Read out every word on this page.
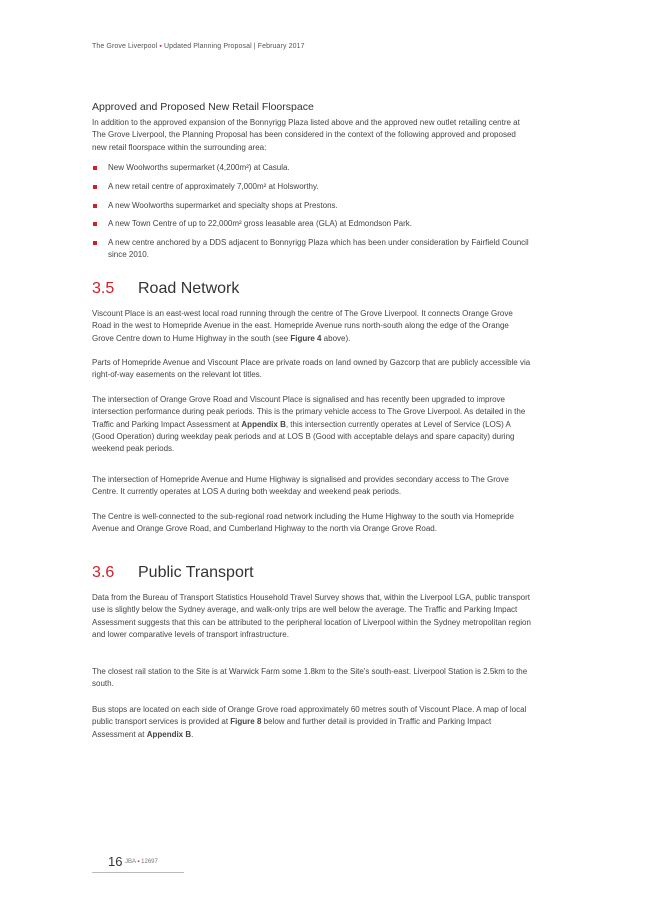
The Grove Liverpool ▪ Updated Planning Proposal | February 2017
Approved and Proposed New Retail Floorspace

In addition to the approved expansion of the Bonnyrigg Plaza listed above and the approved new outlet retailing centre at The Grove Liverpool, the Planning Proposal has been considered in the context of the following approved and proposed new retail floorspace within the surrounding area:

New Woolworths supermarket (4,200m²) at Casula.
A new retail centre of approximately 7,000m² at Holsworthy.
A new Woolworths supermarket and specialty shops at Prestons.
A new Town Centre of up to 22,000m² gross leasable area (GLA) at Edmondson Park.
A new centre anchored by a DDS adjacent to Bonnyrigg Plaza which has been under consideration by Fairfield Council since 2010.
3.5 Road Network

Viscount Place is an east-west local road running through the centre of The Grove Liverpool. It connects Orange Grove Road in the west to Homepride Avenue in the east. Homepride Avenue runs north-south along the edge of the Orange Grove Centre down to Hume Highway in the south (see Figure 4 above).

Parts of Homepride Avenue and Viscount Place are private roads on land owned by Gazcorp that are publicly accessible via right-of-way easements on the relevant lot titles.

The intersection of Orange Grove Road and Viscount Place is signalised and has recently been upgraded to improve intersection performance during peak periods. This is the primary vehicle access to The Grove Liverpool. As detailed in the Traffic and Parking Impact Assessment at Appendix B, this intersection currently operates at Level of Service (LOS) A (Good Operation) during weekday peak periods and at LOS B (Good with acceptable delays and spare capacity) during weekend peak periods.

The intersection of Homepride Avenue and Hume Highway is signalised and provides secondary access to The Grove Centre. It currently operates at LOS A during both weekday and weekend peak periods.

The Centre is well-connected to the sub-regional road network including the Hume Highway to the south via Homepride Avenue and Orange Grove Road, and Cumberland Highway to the north via Orange Grove Road.

3.6 Public Transport

Data from the Bureau of Transport Statistics Household Travel Survey shows that, within the Liverpool LGA, public transport use is slightly below the Sydney average, and walk-only trips are well below the average. The Traffic and Parking Impact Assessment suggests that this can be attributed to the peripheral location of Liverpool within the Sydney metropolitan region and lower comparative levels of transport infrastructure.

The closest rail station to the Site is at Warwick Farm some 1.8km to the Site's south-east. Liverpool Station is 2.5km to the south.

Bus stops are located on each side of Orange Grove road approximately 60 metres south of Viscount Place. A map of local public transport services is provided at Figure 8 below and further detail is provided in Traffic and Parking Impact Assessment at Appendix B.

16 JBA ▪ 12697
